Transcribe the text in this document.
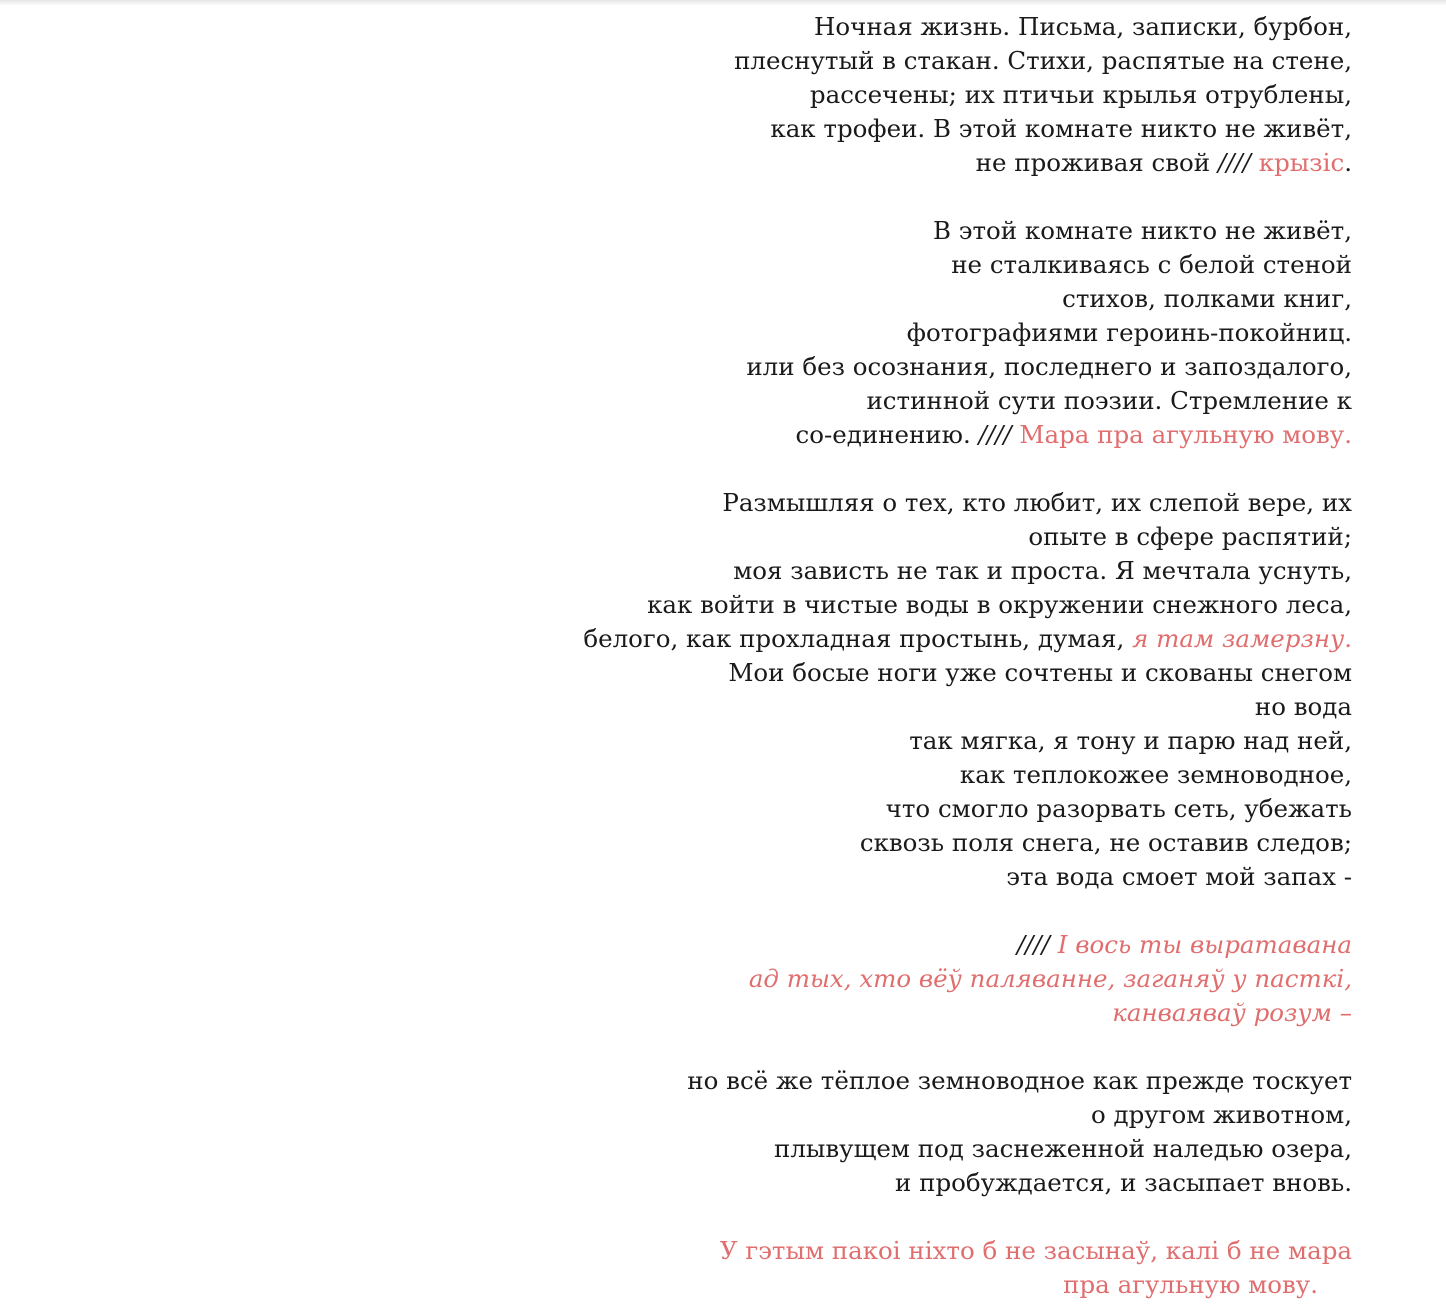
Ночная жизнь. Письма, записки, бурбон,
плеснутый в стакан. Стихи, распятые на стене,
рассечены; их птичьи крылья отрублены,
как трофеи. В этой комнате никто не живёт,
не проживая свой //// крызіс.
В этой комнате никто не живёт,
не сталкиваясь с белой стеной
стихов, полками книг,
фотографиями героинь-покойниц.
или без осознания, последнего и запоздалого,
истинной сути поэзии. Стремление к
со-единению. //// Мара пра агульную мову.
Размышляя о тех, кто любит, их слепой вере, их
опыте в сфере распятий;
моя зависть не так и проста. Я мечтала уснуть,
как войти в чистые воды в окружении снежного леса,
белого, как прохладная простынь, думая, я там замерзну.
Мои босые ноги уже сочтены и скованы снегом
но вода
так мягка, я тону и парю над ней,
как теплокожее земноводное,
что смогло разорвать сеть, убежать
сквозь поля снега, не оставив следов;
эта вода смоет мой запах -
//// І вось ты выратавана
ад тых, хто вёў паляванне, заганяў у пасткі,
канваяваў розум –
но всё же тёплое земноводное как прежде тоскует
о другом животном,
плывущем под заснеженной наледью озера,
и пробуждается, и засыпает вновь.
У гэтым пакоі ніхто б не засынаў, калі б не мара
пра агульную мову.
